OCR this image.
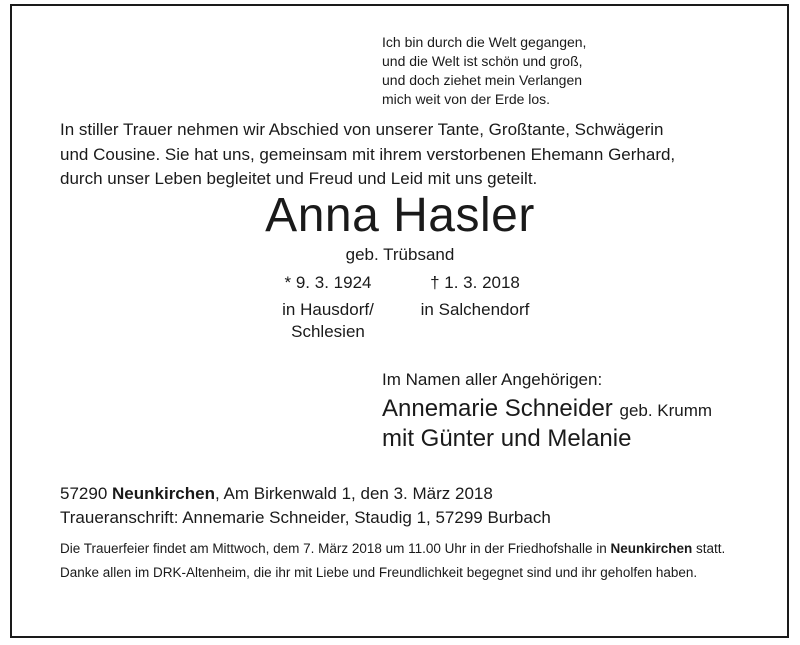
Ich bin durch die Welt gegangen,
und die Welt ist schön und groß,
und doch ziehet mein Verlangen
mich weit von der Erde los.
In stiller Trauer nehmen wir Abschied von unserer Tante, Großtante, Schwägerin
und Cousine. Sie hat uns, gemeinsam mit ihrem verstorbenen Ehemann Gerhard,
durch unser Leben begleitet und Freud und Leid mit uns geteilt.
Anna Hasler
geb. Trübsand
* 9. 3. 1924	† 1. 3. 2018
in Hausdorf/
Schlesien
in Salchendorf
Im Namen aller Angehörigen:
Annemarie Schneider geb. Krumm
mit Günter und Melanie
57290 Neunkirchen, Am Birkenwald 1, den 3. März 2018
Traueranschrift: Annemarie Schneider, Staudig 1, 57299 Burbach

Die Trauerfeier findet am Mittwoch, dem 7. März 2018 um 11.00 Uhr in der Friedhofshalle in Neunkirchen statt.

Danke allen im DRK-Altenheim, die ihr mit Liebe und Freundlichkeit begegnet sind und ihr geholfen haben.
